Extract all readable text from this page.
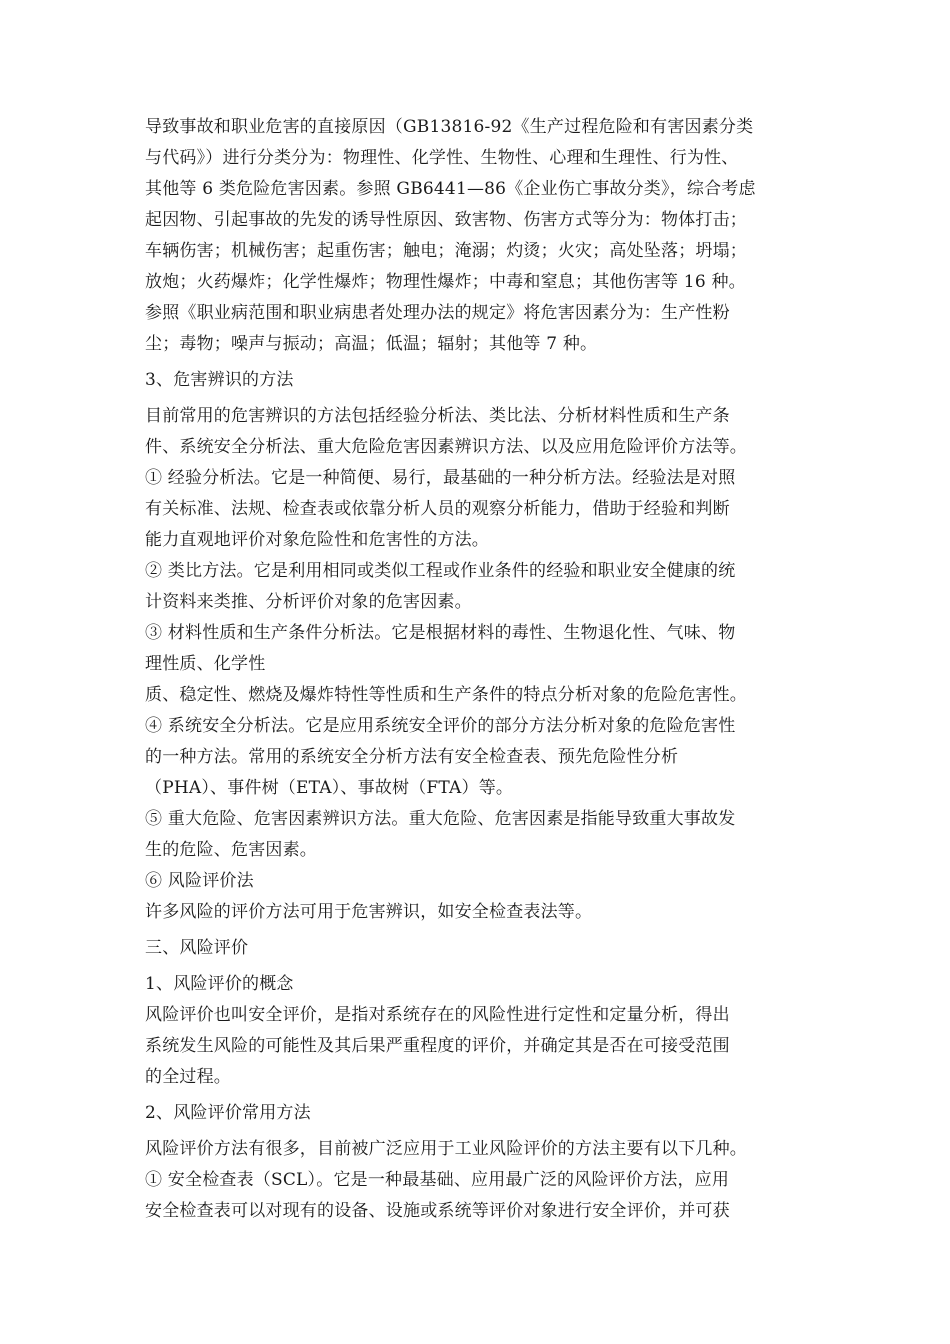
导致事故和职业危害的直接原因（GB13816-92《生产过程危险和有害因素分类
与代码》）进行分类分为：物理性、化学性、生物性、心理和生理性、行为性、
其他等 6 类危险危害因素。参照 GB6441—86《企业伤亡事故分类》，综合考虑
起因物、引起事故的先发的诱导性原因、致害物、伤害方式等分为：物体打击；
车辆伤害；机械伤害；起重伤害；触电；淹溺；灼烫；火灾；高处坠落；坍塌；
放炮；火药爆炸；化学性爆炸；物理性爆炸；中毒和窒息；其他伤害等 16 种。
参照《职业病范围和职业病患者处理办法的规定》将危害因素分为：生产性粉
尘；毒物；噪声与振动；高温；低温；辐射；其他等 7 种。
3、危害辨识的方法
目前常用的危害辨识的方法包括经验分析法、类比法、分析材料性质和生产条
件、系统安全分析法、重大危险危害因素辨识方法、以及应用危险评价方法等。
① 经验分析法。它是一种简便、易行，最基础的一种分析方法。经验法是对照
有关标准、法规、检查表或依靠分析人员的观察分析能力，借助于经验和判断
能力直观地评价对象危险性和危害性的方法。
② 类比方法。它是利用相同或类似工程或作业条件的经验和职业安全健康的统
计资料来类推、分析评价对象的危害因素。
③ 材料性质和生产条件分析法。它是根据材料的毒性、生物退化性、气味、物
理性质、化学性
质、稳定性、燃烧及爆炸特性等性质和生产条件的特点分析对象的危险危害性。
④ 系统安全分析法。它是应用系统安全评价的部分方法分析对象的危险危害性
的一种方法。常用的系统安全分析方法有安全检查表、预先危险性分析
（PHA）、事件树（ETA）、事故树（FTA）等。
⑤ 重大危险、危害因素辨识方法。重大危险、危害因素是指能导致重大事故发
生的危险、危害因素。
⑥ 风险评价法
许多风险的评价方法可用于危害辨识，如安全检查表法等。
三、风险评价
1、风险评价的概念
风险评价也叫安全评价，是指对系统存在的风险性进行定性和定量分析，得出
系统发生风险的可能性及其后果严重程度的评价，并确定其是否在可接受范围
的全过程。
2、风险评价常用方法
风险评价方法有很多，目前被广泛应用于工业风险评价的方法主要有以下几种。
① 安全检查表（SCL）。它是一种最基础、应用最广泛的风险评价方法，应用
安全检查表可以对现有的设备、设施或系统等评价对象进行安全评价，并可获
